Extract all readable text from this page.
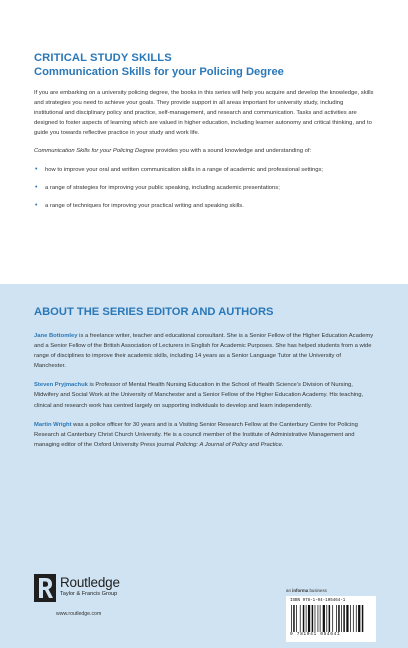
CRITICAL STUDY SKILLS
Communication Skills for your Policing Degree

If you are embarking on a university policing degree, the books in this series will help you acquire and develop the knowledge, skills and strategies you need to achieve your goals. They provide support in all areas important for university study, including institutional and disciplinary policy and practice, self-management, and research and communication. Tasks and activities are designed to foster aspects of learning which are valued in higher education, including learner autonomy and critical thinking, and to guide you towards reflective practice in your study and work life.

Communication Skills for your Policing Degree provides you with a sound knowledge and understanding of:

• how to improve your oral and written communication skills in a range of academic and professional settings;
• a range of strategies for improving your public speaking, including academic presentations;
• a range of techniques for improving your practical writing and speaking skills.
ABOUT THE SERIES EDITOR AND AUTHORS

Jane Bottomley is a freelance writer, teacher and educational consultant. She is a Senior Fellow of the Higher Education Academy and a Senior Fellow of the British Association of Lecturers in English for Academic Purposes. She has helped students from a wide range of disciplines to improve their academic skills, including 14 years as a Senior Language Tutor at the University of Manchester.

Steven Pryjmachuk is Professor of Mental Health Nursing Education in the School of Health Science’s Division of Nursing, Midwifery and Social Work at the University of Manchester and a Senior Fellow of the Higher Education Academy. His teaching, clinical and research work has centred largely on supporting individuals to develop and learn independently.

Martin Wright was a police officer for 30 years and is a Visiting Senior Research Fellow at the Canterbury Centre for Policing Research at Canterbury Christ Church University. He is a council member of the Institute of Administrative Management and managing editor of the Oxford University Press journal Policing: A Journal of Policy and Practice.

Routledge
Taylor & Francis Group
www.routledge.com
an informa business
ISBN 978-1-04-105464-1
9 781041 054641
